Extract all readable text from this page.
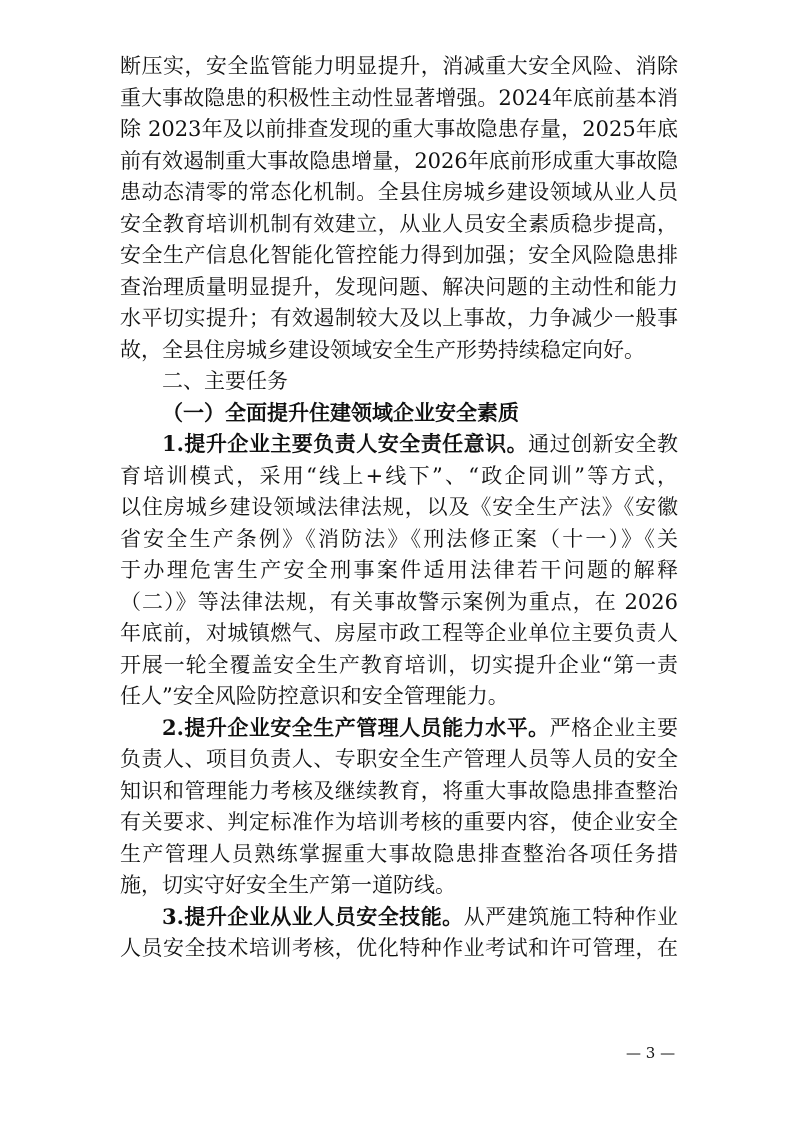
断压实，安全监管能力明显提升，消减重大安全风险、消除
重大事故隐患的积极性主动性显著增强。2024年底前基本消
除 2023年及以前排查发现的重大事故隐患存量，2025年底
前有效遏制重大事故隐患增量，2026年底前形成重大事故隐
患动态清零的常态化机制。全县住房城乡建设领域从业人员
安全教育培训机制有效建立，从业人员安全素质稳步提高，
安全生产信息化智能化管控能力得到加强；安全风险隐患排
查治理质量明显提升，发现问题、解决问题的主动性和能力
水平切实提升；有效遏制较大及以上事故，力争减少一般事
故，全县住房城乡建设领域安全生产形势持续稳定向好。
二、主要任务
（一）全面提升住建领域企业安全素质
1.提升企业主要负责人安全责任意识。通过创新安全教
育培训模式，采用“线上+线下”、“政企同训”等方式，
以住房城乡建设领域法律法规，以及《安全生产法》《安徽
省安全生产条例》《消防法》《刑法修正案（十一）》《关
于办理危害生产安全刑事案件适用法律若干问题的解释
（二）》等法律法规，有关事故警示案例为重点，在 2026
年底前，对城镇燃气、房屋市政工程等企业单位主要负责人
开展一轮全覆盖安全生产教育培训，切实提升企业“第一责
任人”安全风险防控意识和安全管理能力。
2.提升企业安全生产管理人员能力水平。严格企业主要
负责人、项目负责人、专职安全生产管理人员等人员的安全
知识和管理能力考核及继续教育，将重大事故隐患排查整治
有关要求、判定标准作为培训考核的重要内容，使企业安全
生产管理人员熟练掌握重大事故隐患排查整治各项任务措
施，切实守好安全生产第一道防线。
3.提升企业从业人员安全技能。从严建筑施工特种作业
人员安全技术培训考核，优化特种作业考试和许可管理，在
— 3 —
